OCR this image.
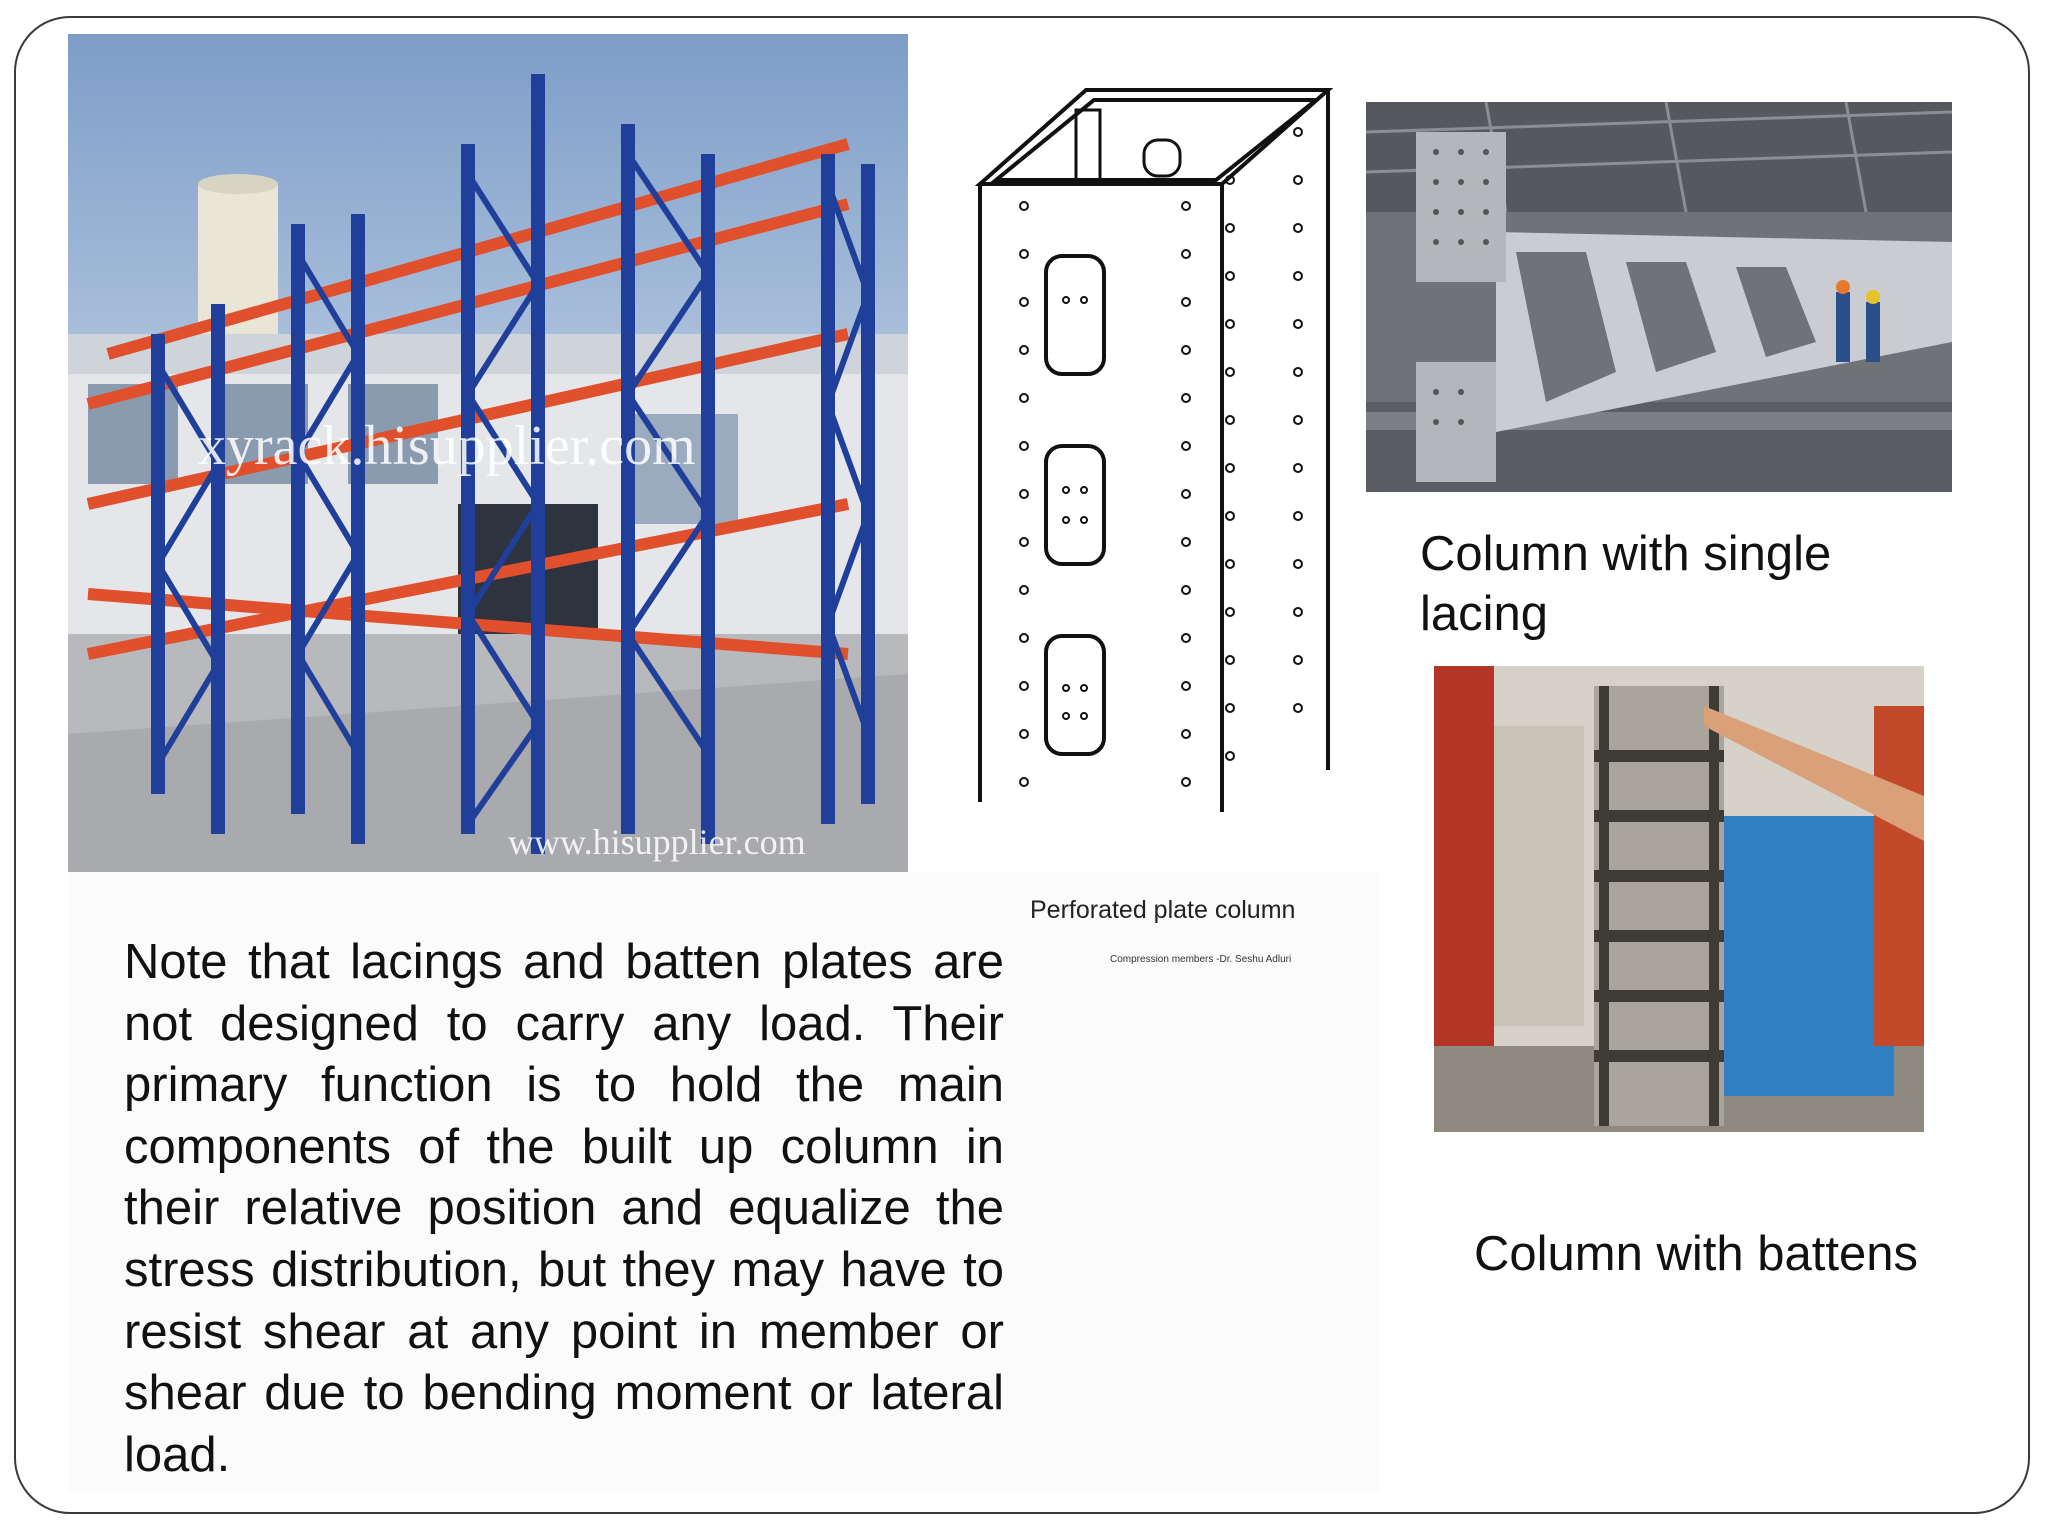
xyrack.hisupplier.com
www.hisupplier.com
Perforated plate column
Compression members -Dr. Seshu Adluri
Column with single
lacing
Column with battens
Note that lacings and batten plates are not designed to carry any load. Their primary function is to hold the main components of the built up column in their relative position and equalize the stress distribution, but they may have to resist shear at any point in member or shear due to bending moment or lateral load.
